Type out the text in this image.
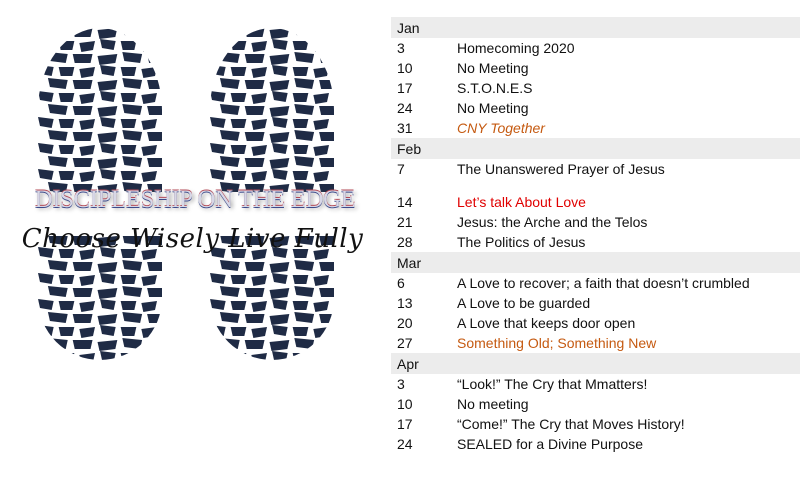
DISCIPLESHIP ON THE EDGE
Choose Wisely Live Fully
Jan
3	Homecoming 2020
10	No Meeting
17	S.T.O.N.E.S
24	No Meeting
31	CNY Together
Feb
7	The Unanswered Prayer of Jesus
14	Let’s talk About Love
21	Jesus: the Arche and the Telos
28	The Politics of Jesus
Mar
6	A Love to recover; a faith that doesn’t crumbled
13	A Love to be guarded
20	A Love that keeps door open
27	Something Old; Something New
Apr
3	“Look!” The Cry that Mmatters!
10	No meeting
17	“Come!” The Cry that Moves History!
24	SEALED for a Divine Purpose
